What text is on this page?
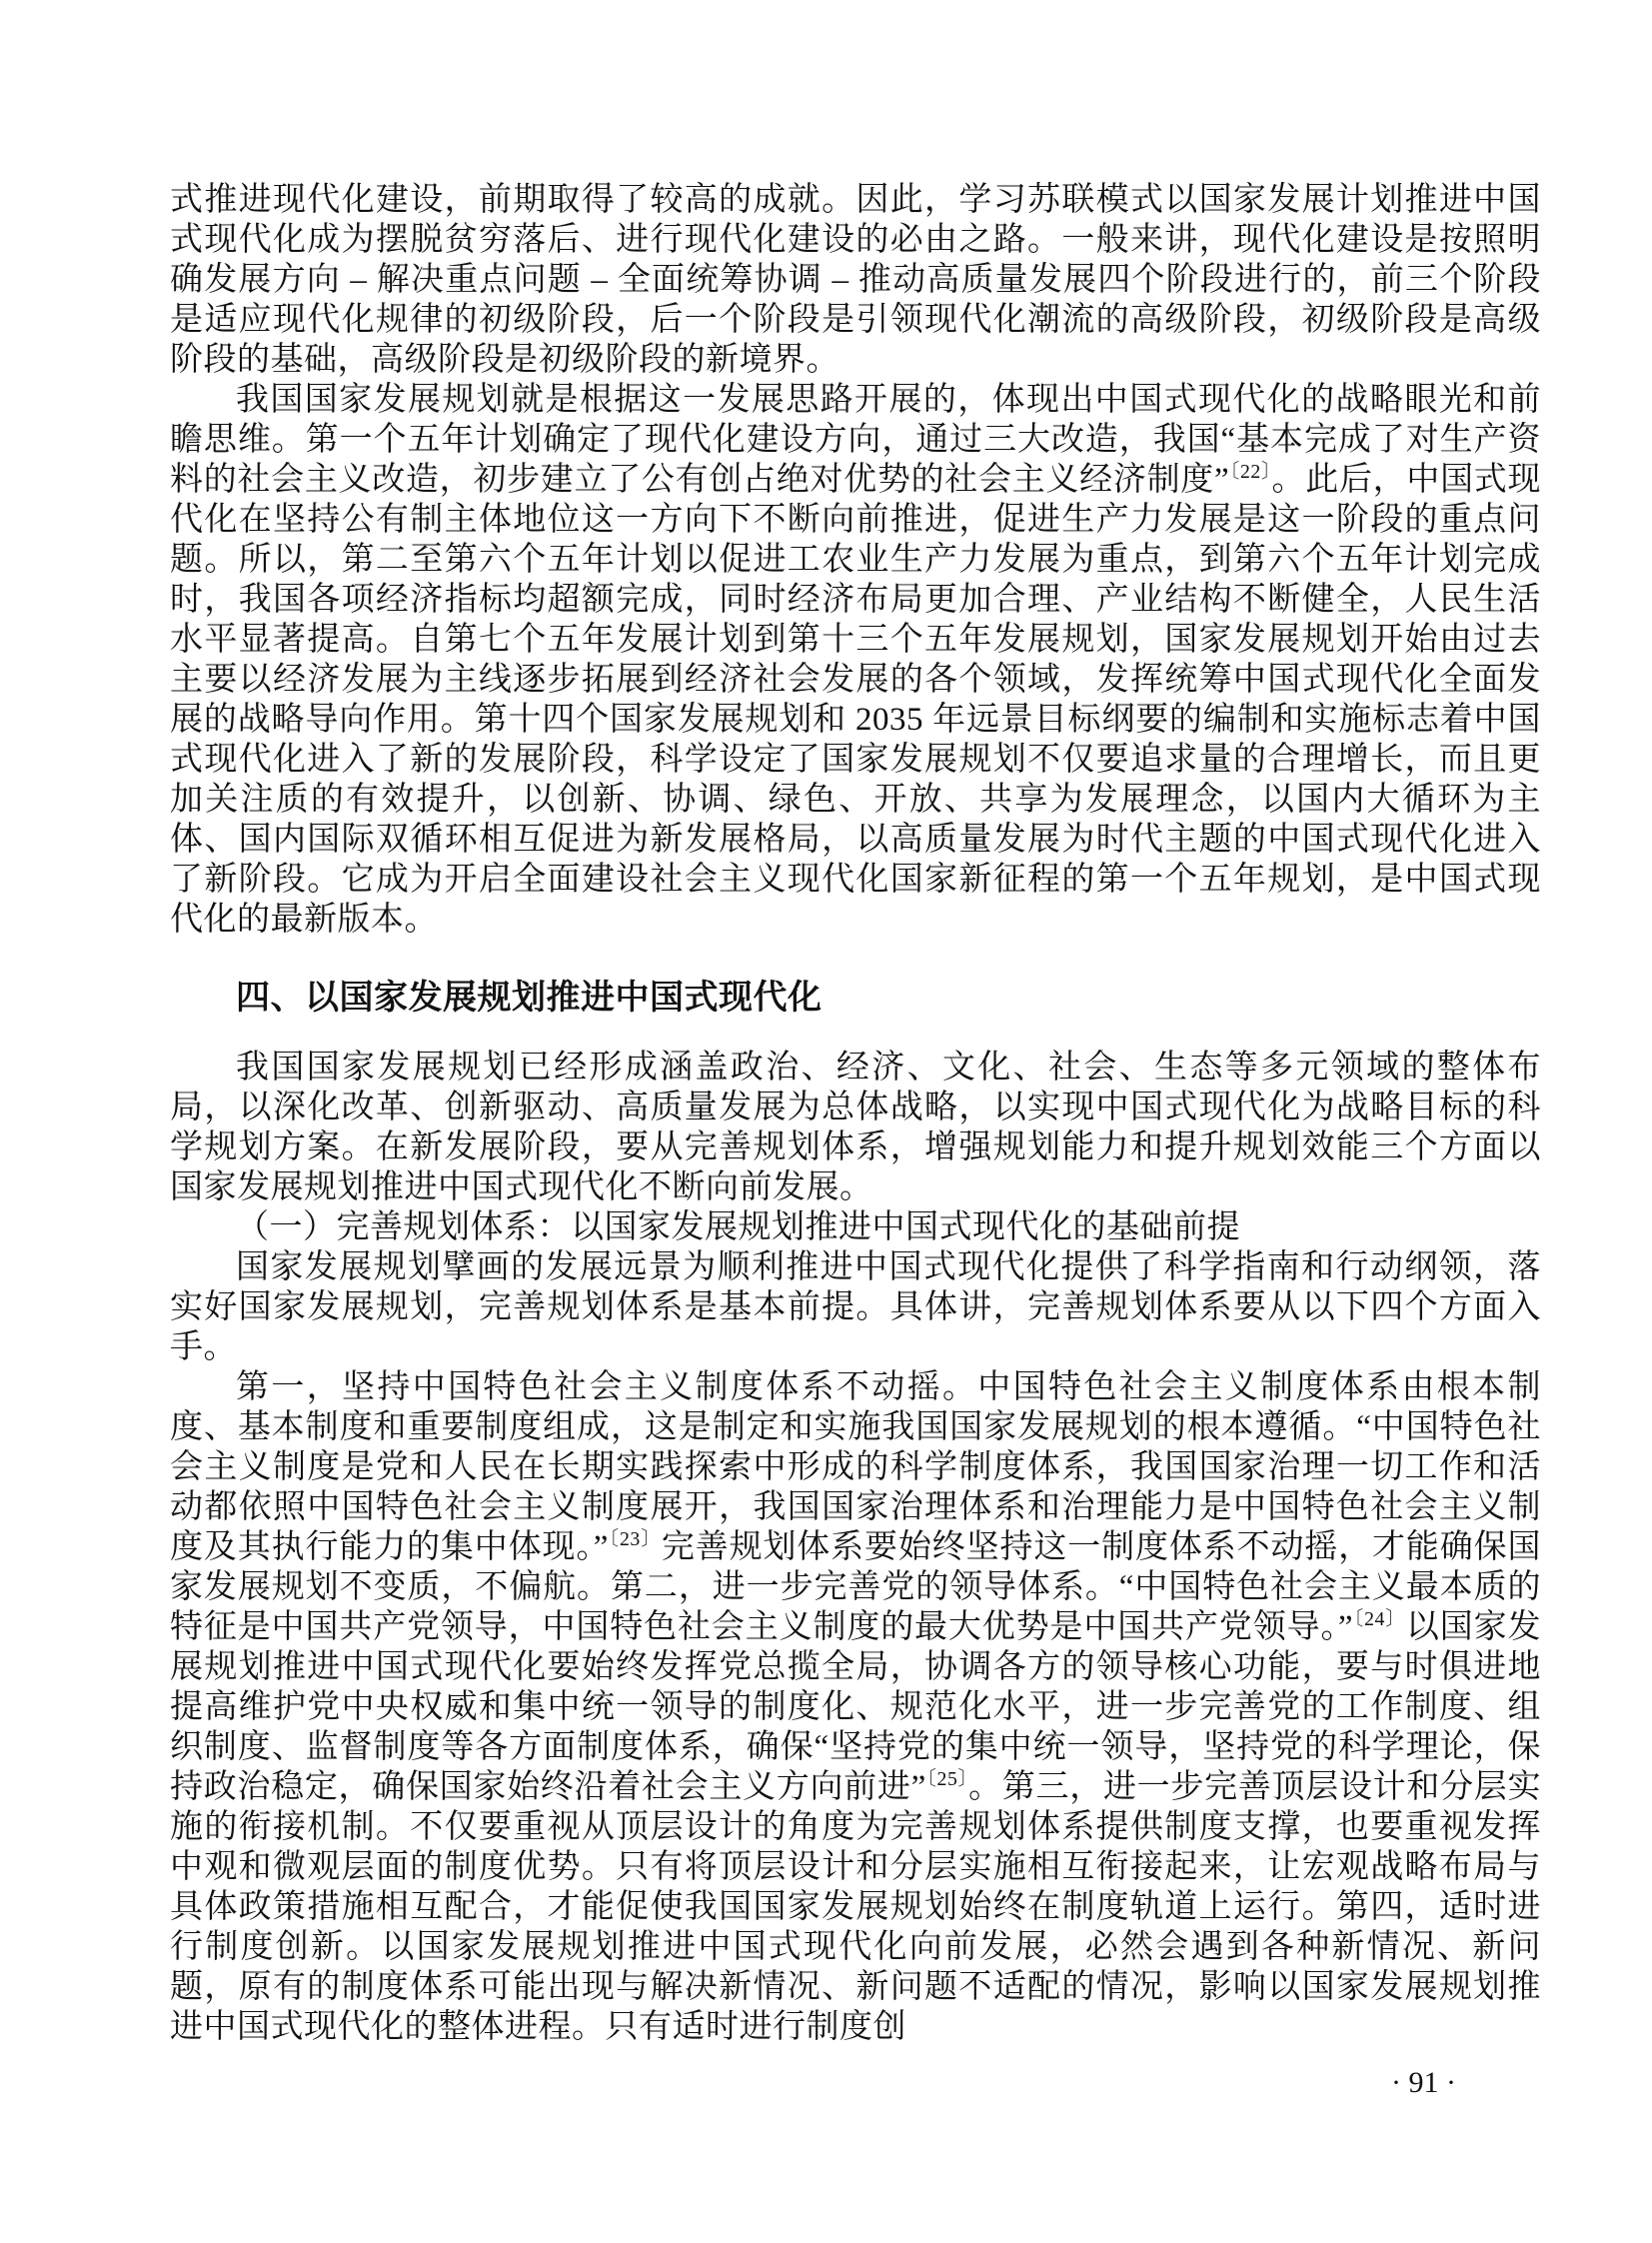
式推进现代化建设，前期取得了较高的成就。因此，学习苏联模式以国家发展计划推进中国式现代化成为摆脱贫穷落后、进行现代化建设的必由之路。一般来讲，现代化建设是按照明确发展方向 – 解决重点问题 – 全面统筹协调 – 推动高质量发展四个阶段进行的，前三个阶段是适应现代化规律的初级阶段，后一个阶段是引领现代化潮流的高级阶段，初级阶段是高级阶段的基础，高级阶段是初级阶段的新境界。

我国国家发展规划就是根据这一发展思路开展的，体现出中国式现代化的战略眼光和前瞻思维。第一个五年计划确定了现代化建设方向，通过三大改造，我国“基本完成了对生产资料的社会主义改造，初步建立了公有创占绝对优势的社会主义经济制度”$^{〔22〕}$。此后，中国式现代化在坚持公有制主体地位这一方向下不断向前推进，促进生产力发展是这一阶段的重点问题。所以，第二至第六个五年计划以促进工农业生产力发展为重点，到第六个五年计划完成时，我国各项经济指标均超额完成，同时经济布局更加合理、产业结构不断健全，人民生活水平显著提高。自第七个五年发展计划到第十三个五年发展规划，国家发展规划开始由过去主要以经济发展为主线逐步拓展到经济社会发展的各个领域，发挥统筹中国式现代化全面发展的战略导向作用。第十四个国家发展规划和 2035 年远景目标纲要的编制和实施标志着中国式现代化进入了新的发展阶段，科学设定了国家发展规划不仅要追求量的合理增长，而且更加关注质的有效提升，以创新、协调、绿色、开放、共享为发展理念，以国内大循环为主体、国内国际双循环相互促进为新发展格局，以高质量发展为时代主题的中国式现代化进入了新阶段。它成为开启全面建设社会主义现代化国家新征程的第一个五年规划，是中国式现代化的最新版本。

四、以国家发展规划推进中国式现代化

我国国家发展规划已经形成涵盖政治、经济、文化、社会、生态等多元领域的整体布局，以深化改革、创新驱动、高质量发展为总体战略，以实现中国式现代化为战略目标的科学规划方案。在新发展阶段，要从完善规划体系，增强规划能力和提升规划效能三个方面以国家发展规划推进中国式现代化不断向前发展。

（一）完善规划体系：以国家发展规划推进中国式现代化的基础前提

国家发展规划擘画的发展远景为顺利推进中国式现代化提供了科学指南和行动纲领，落实好国家发展规划，完善规划体系是基本前提。具体讲，完善规划体系要从以下四个方面入手。

第一，坚持中国特色社会主义制度体系不动摇。中国特色社会主义制度体系由根本制度、基本制度和重要制度组成，这是制定和实施我国国家发展规划的根本遵循。“中国特色社会主义制度是党和人民在长期实践探索中形成的科学制度体系，我国国家治理一切工作和活动都依照中国特色社会主义制度展开，我国国家治理体系和治理能力是中国特色社会主义制度及其执行能力的集中体现。”$^{〔23〕}$完善规划体系要始终坚持这一制度体系不动摇，才能确保国家发展规划不变质，不偏航。第二，进一步完善党的领导体系。“中国特色社会主义最本质的特征是中国共产党领导，中国特色社会主义制度的最大优势是中国共产党领导。”$^{〔24〕}$以国家发展规划推进中国式现代化要始终发挥党总揽全局，协调各方的领导核心功能，要与时俱进地提高维护党中央权威和集中统一领导的制度化、规范化水平，进一步完善党的工作制度、组织制度、监督制度等各方面制度体系，确保“坚持党的集中统一领导，坚持党的科学理论，保持政治稳定，确保国家始终沿着社会主义方向前进”$^{〔25〕}$。第三，进一步完善顶层设计和分层实施的衔接机制。不仅要重视从顶层设计的角度为完善规划体系提供制度支撑，也要重视发挥中观和微观层面的制度优势。只有将顶层设计和分层实施相互衔接起来，让宏观战略布局与具体政策措施相互配合，才能促使我国国家发展规划始终在制度轨道上运行。第四，适时进行制度创新。以国家发展规划推进中国式现代化向前发展，必然会遇到各种新情况、新问题，原有的制度体系可能出现与解决新情况、新问题不适配的情况，影响以国家发展规划推进中国式现代化的整体进程。只有适时进行制度创

· 91 ·
